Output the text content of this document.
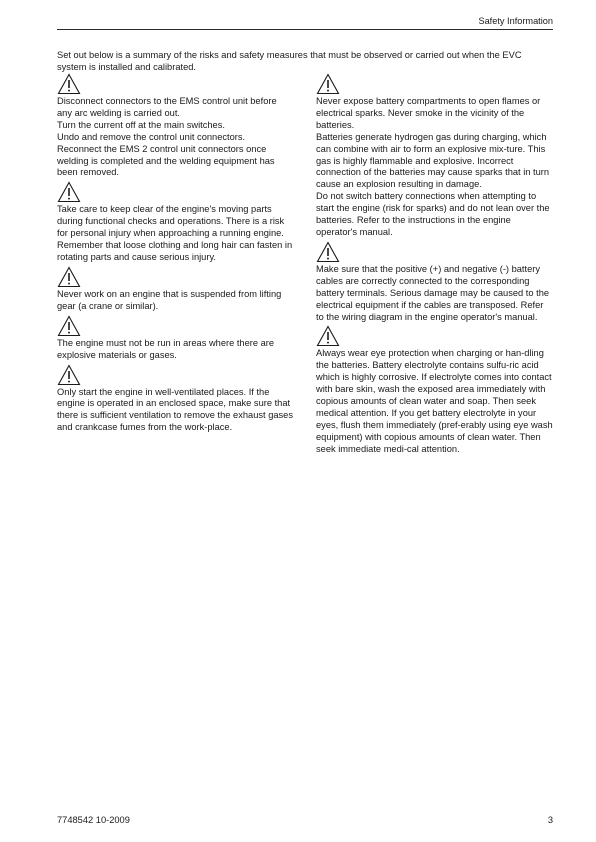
Safety Information

Set out below is a summary of the risks and safety measures that must be observed or carried out when the EVC system is installed and calibrated.

Disconnect connectors to the EMS control unit before any arc welding is carried out.

Turn the current off at the main switches.

Undo and remove the control unit connectors.

Reconnect the EMS 2 control unit connectors once welding is completed and the welding equipment has been removed.

Take care to keep clear of the engine's moving parts during functional checks and operations. There is a risk for personal injury when approaching a running engine. Remember that loose clothing and long hair can fasten in rotating parts and cause serious injury.

Never work on an engine that is suspended from lifting gear (a crane or similar).

The engine must not be run in areas where there are explosive materials or gases.

Only start the engine in well-ventilated places. If the engine is operated in an enclosed space, make sure that there is sufficient ventilation to remove the exhaust gases and crankcase fumes from the work-place.

Never expose battery compartments to open flames or electrical sparks. Never smoke in the vicinity of the batteries.

Batteries generate hydrogen gas during charging, which can combine with air to form an explosive mix-ture. This gas is highly flammable and explosive. Incorrect connection of the batteries may cause sparks that in turn cause an explosion resulting in damage.

Do not switch battery connections when attempting to start the engine (risk for sparks) and do not lean over the batteries. Refer to the instructions in the engine operator's manual.

Make sure that the positive (+) and negative (-) battery cables are correctly connected to the corresponding battery terminals. Serious damage may be caused to the electrical equipment if the cables are transposed. Refer to the wiring diagram in the engine operator's manual.

Always wear eye protection when charging or han-dling the batteries. Battery electrolyte contains sulfu-ric acid which is highly corrosive. If electrolyte comes into contact with bare skin, wash the exposed area immediately with copious amounts of clean water and soap. Then seek medical attention. If you get battery electrolyte in your eyes, flush them immediately (pref-erably using eye wash equipment) with copious amounts of clean water. Then seek immediate medi-cal attention.

7748542 10-2009	3
